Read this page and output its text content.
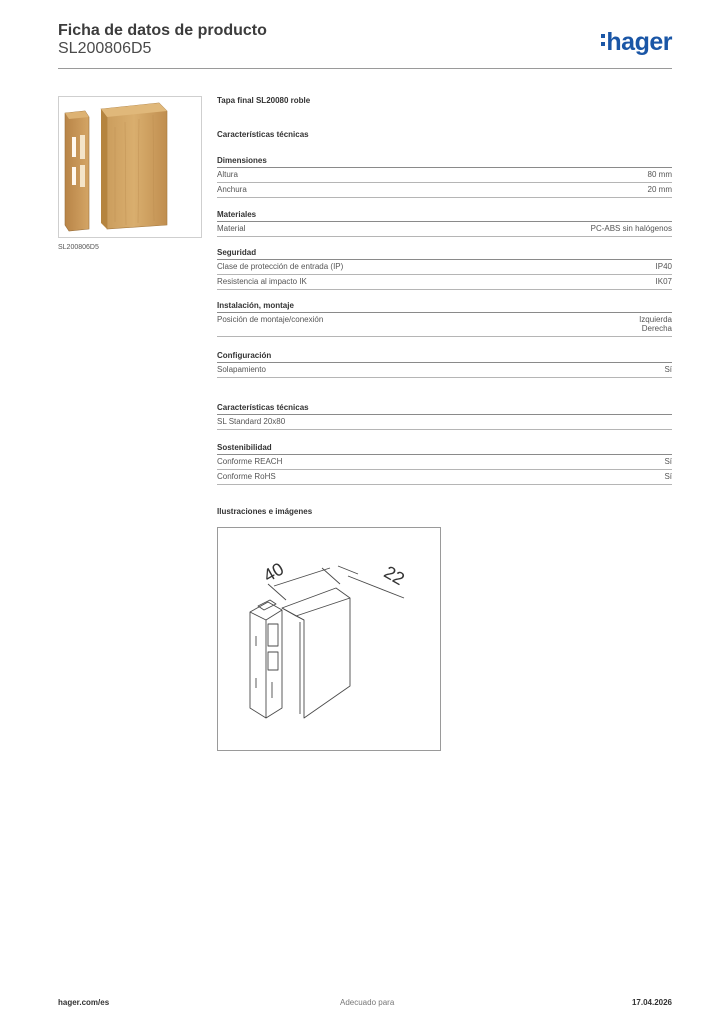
Ficha de datos de producto
SL200806D5	hager
SL200806D5
Tapa final SL20080 roble
Características técnicas
Dimensiones
Altura	80 mm
Anchura	20 mm
Materiales
Material	PC-ABS sin halógenos
Seguridad
Clase de protección de entrada (IP)	IP40
Resistencia al impacto IK	IK07
Instalación, montaje
Posición de montaje/conexión	Izquierda
Derecha
Configuración
Solapamiento	Sí
Características técnicas
SL Standard 20x80
Sostenibilidad
Conforme REACH	Sí
Conforme RoHS	Sí
Ilustraciones e imágenes
40	22
hager.com/es	Adecuado para	17.04.2026
